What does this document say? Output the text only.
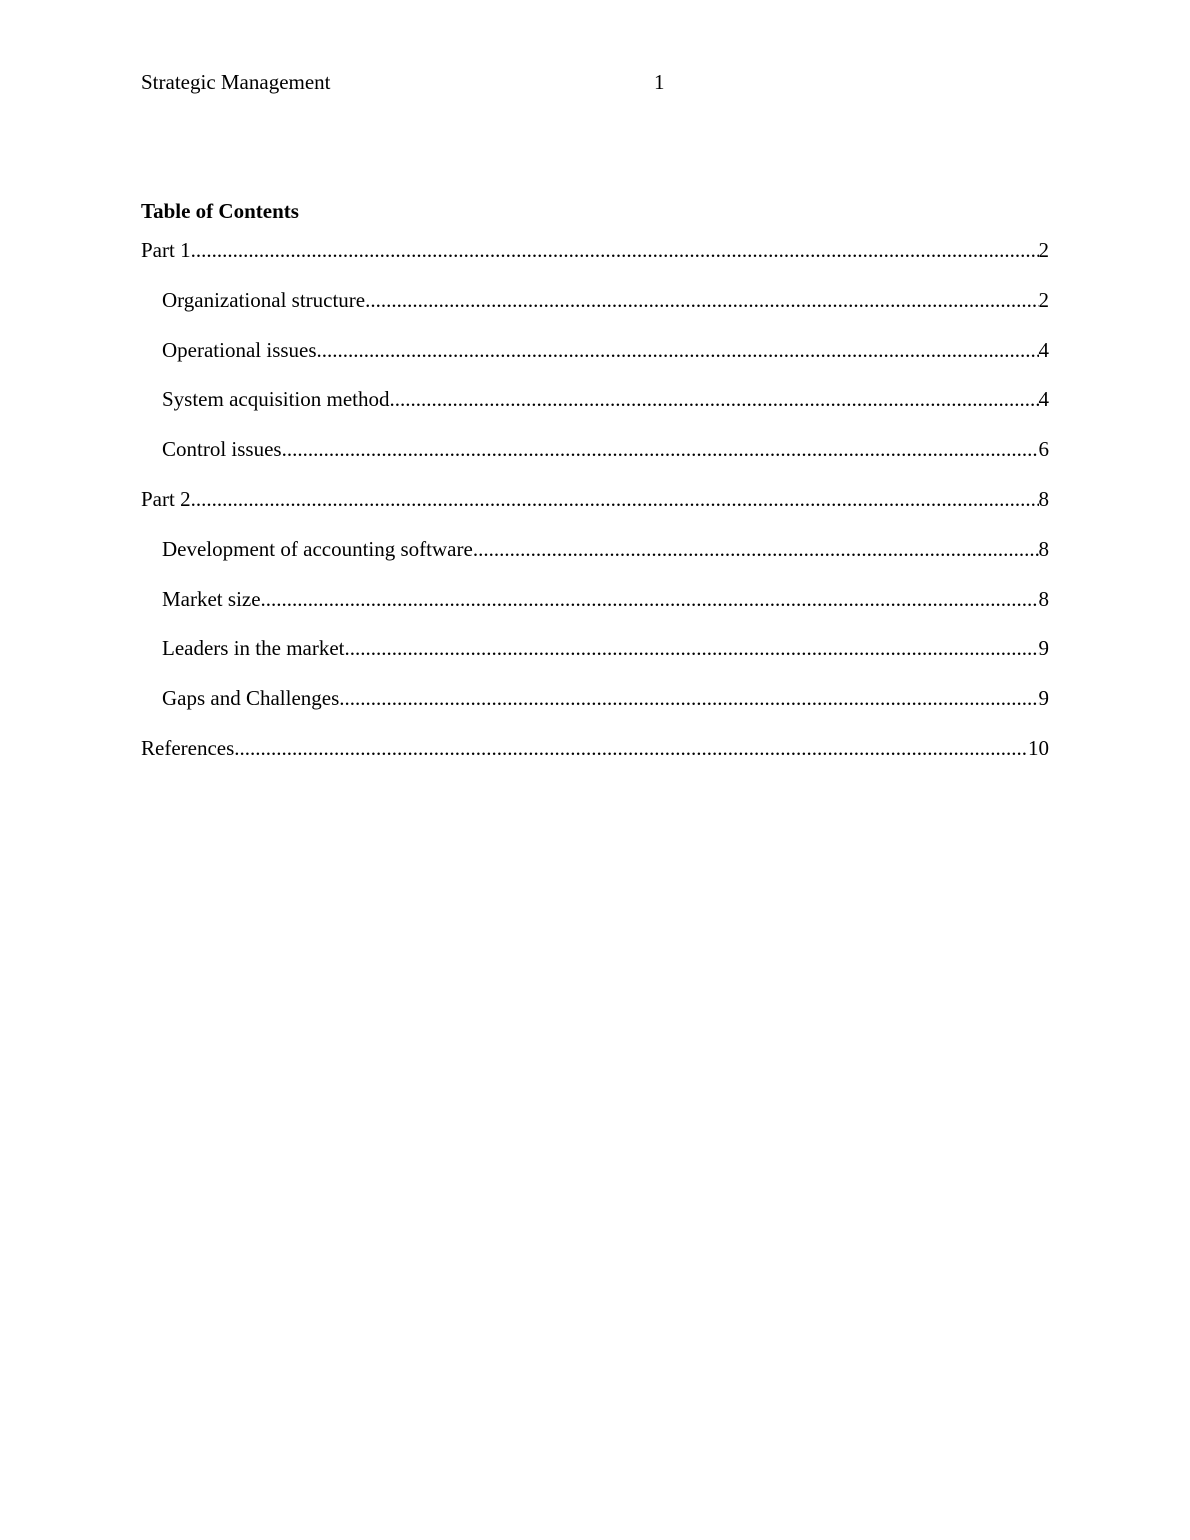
Strategic Management	1
Table of Contents
Part 1 .....	2
Organizational structure .....	2
Operational issues .....	4
System acquisition method .....	4
Control issues .....	6
Part 2 .....	8
Development of accounting software .....	8
Market size .....	8
Leaders in the market .....	9
Gaps and Challenges .....	9
References .....	10
